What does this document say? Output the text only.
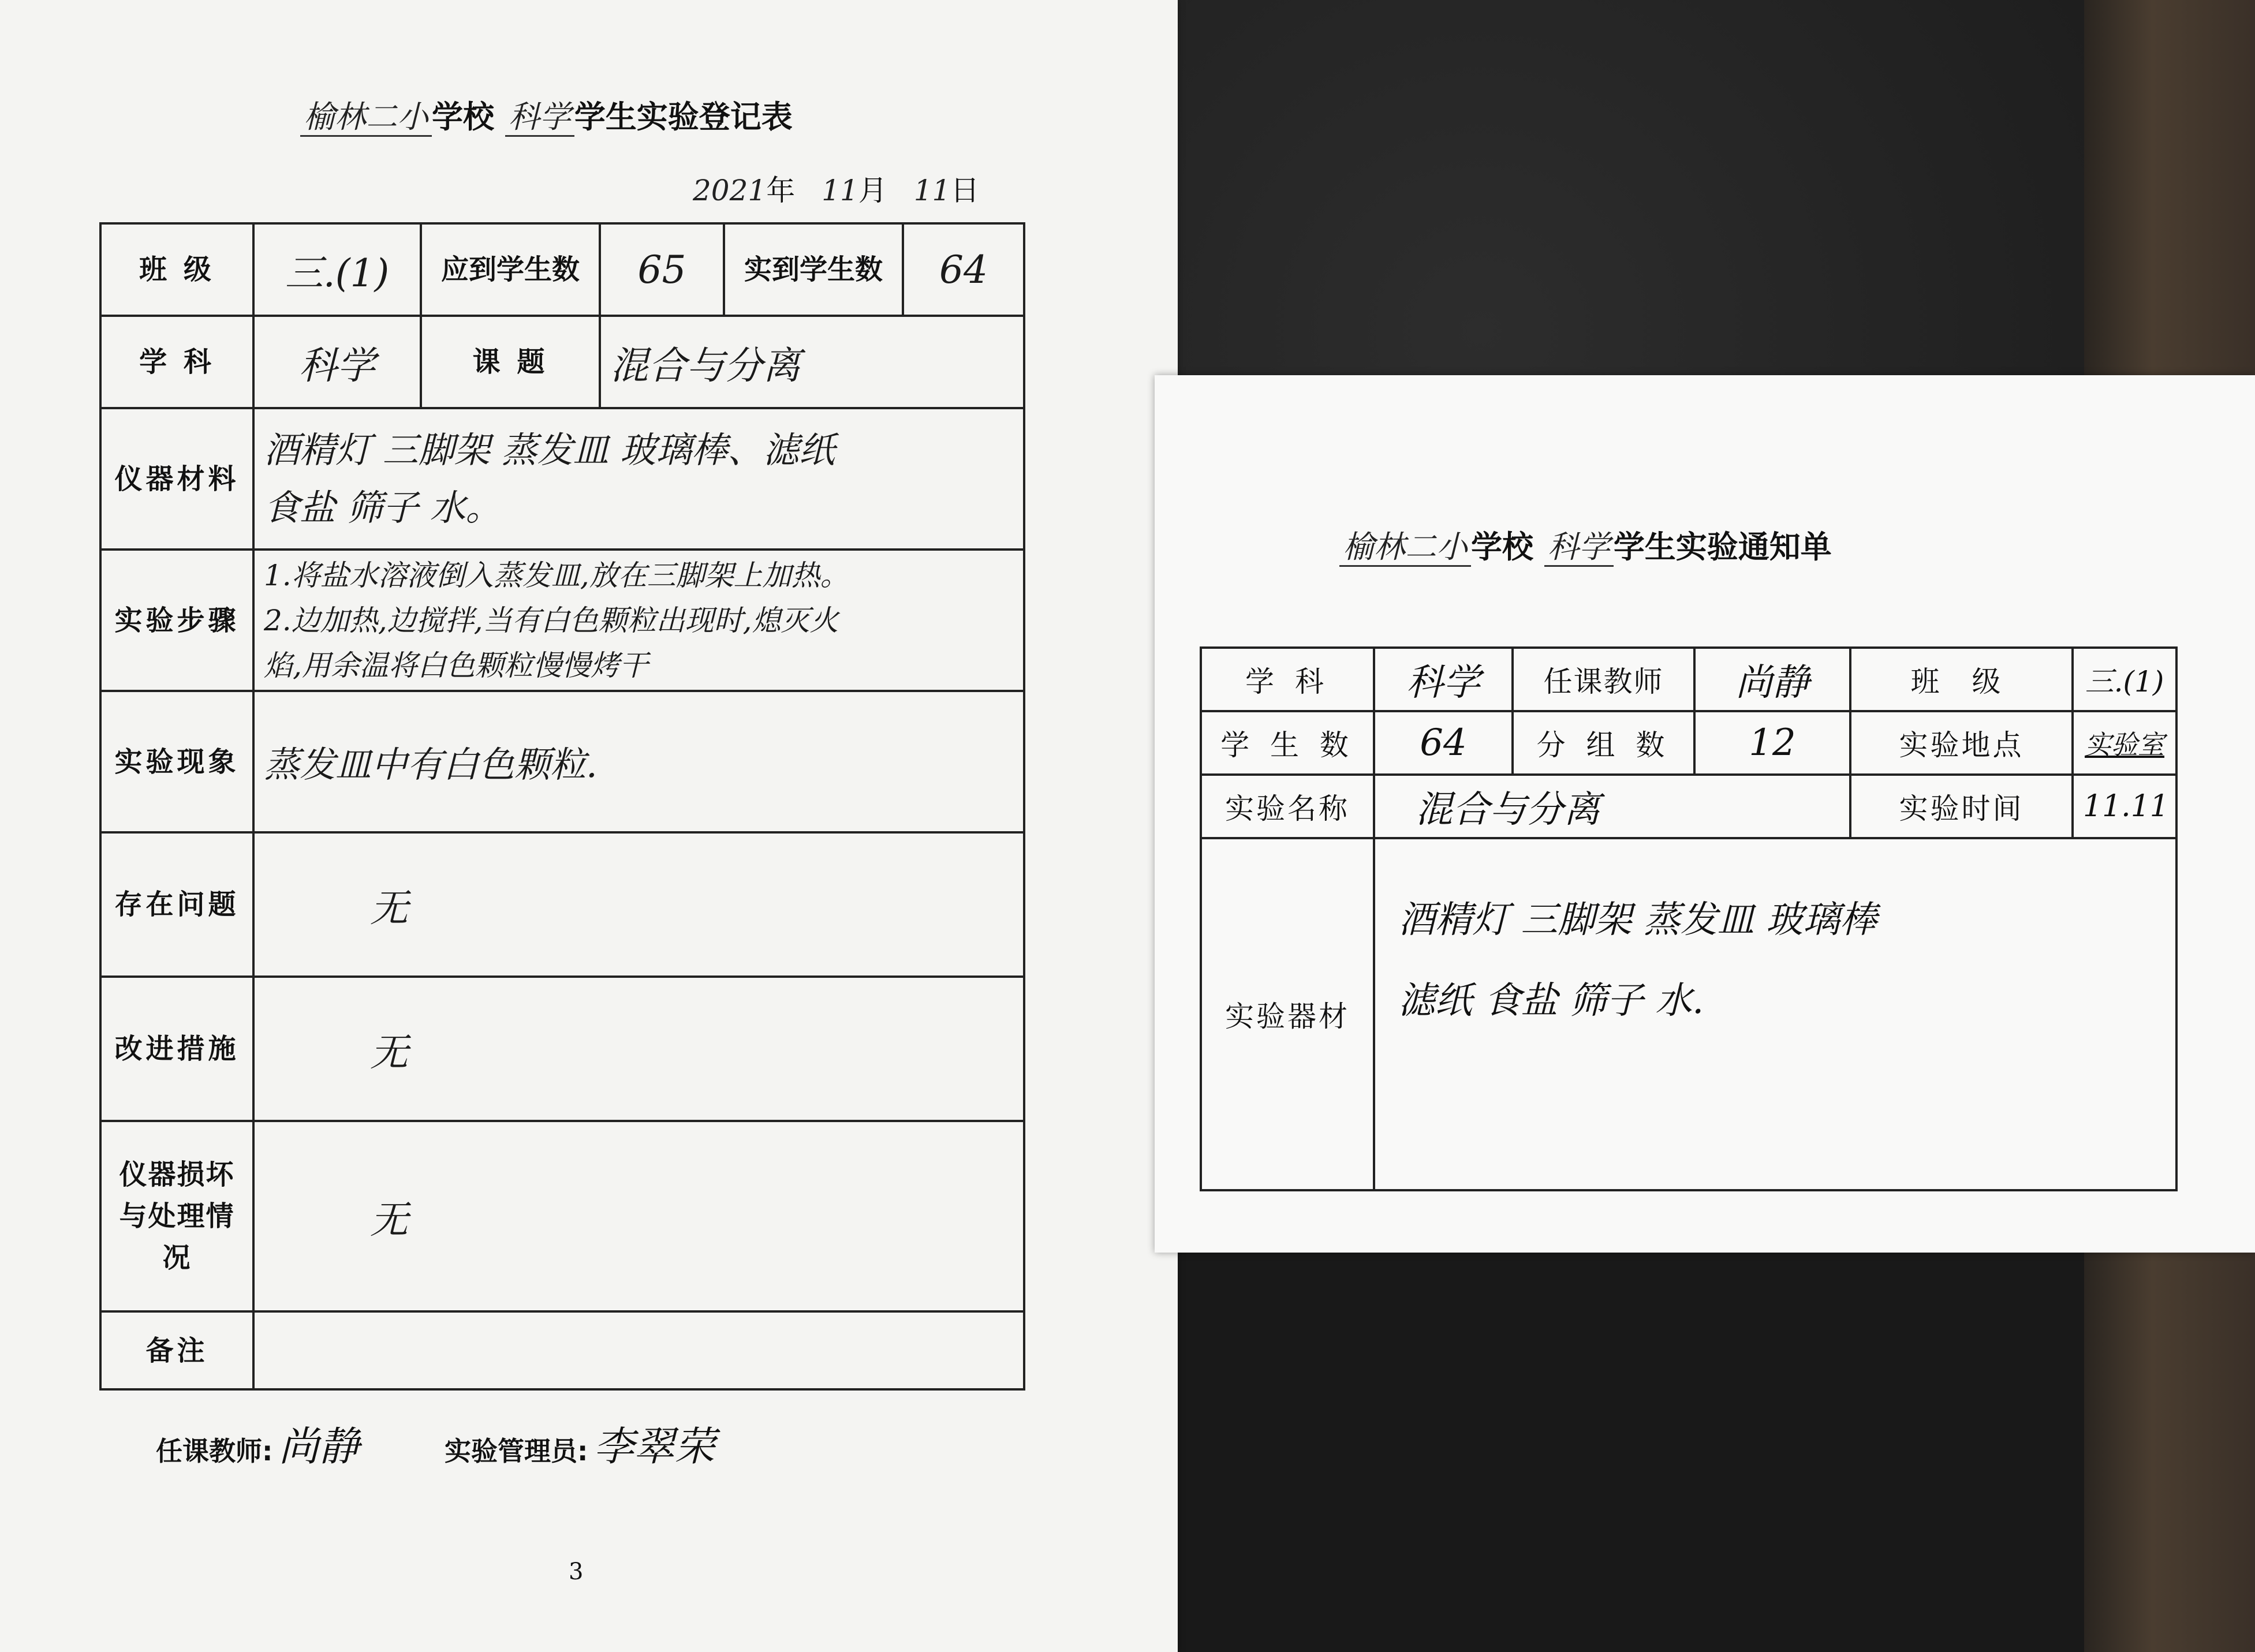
榆林二小 学校 科学 学生实验登记表
2021年 11月 11日
班 级	三.(1)	应到学生数	65	实到学生数	64
学 科	科学	课 题	混合与分离		
仪器材料	酒精灯 三脚架 蒸发皿 玻璃棒、滤纸
食盐 筛子 水。				

实验步骤	1.将盐水溶液倒入蒸发皿,放在三脚架上加热。
2.边加热,边搅拌,当有白色颗粒出现时,熄灭火
焰,用余温将白色颗粒慢慢烤干				

实验现象	蒸发皿中有白色颗粒.				
存在问题	无				
改进措施	无				
仪器损坏与处理情况	无				
备注					
任课教师: 尚静	实验管理员: 李翠荣
3
榆林二小 学校 科学 学生实验通知单
学 科	科学	任课教师	尚静	班 级	三.(1)
学 生 数	64	分 组 数	12	实验地点	实验室
实验名称	混合与分离			实验时间	11.11
实验器材	酒精灯 三脚架 蒸发皿 玻璃棒
滤纸 食盐 筛子 水.				
